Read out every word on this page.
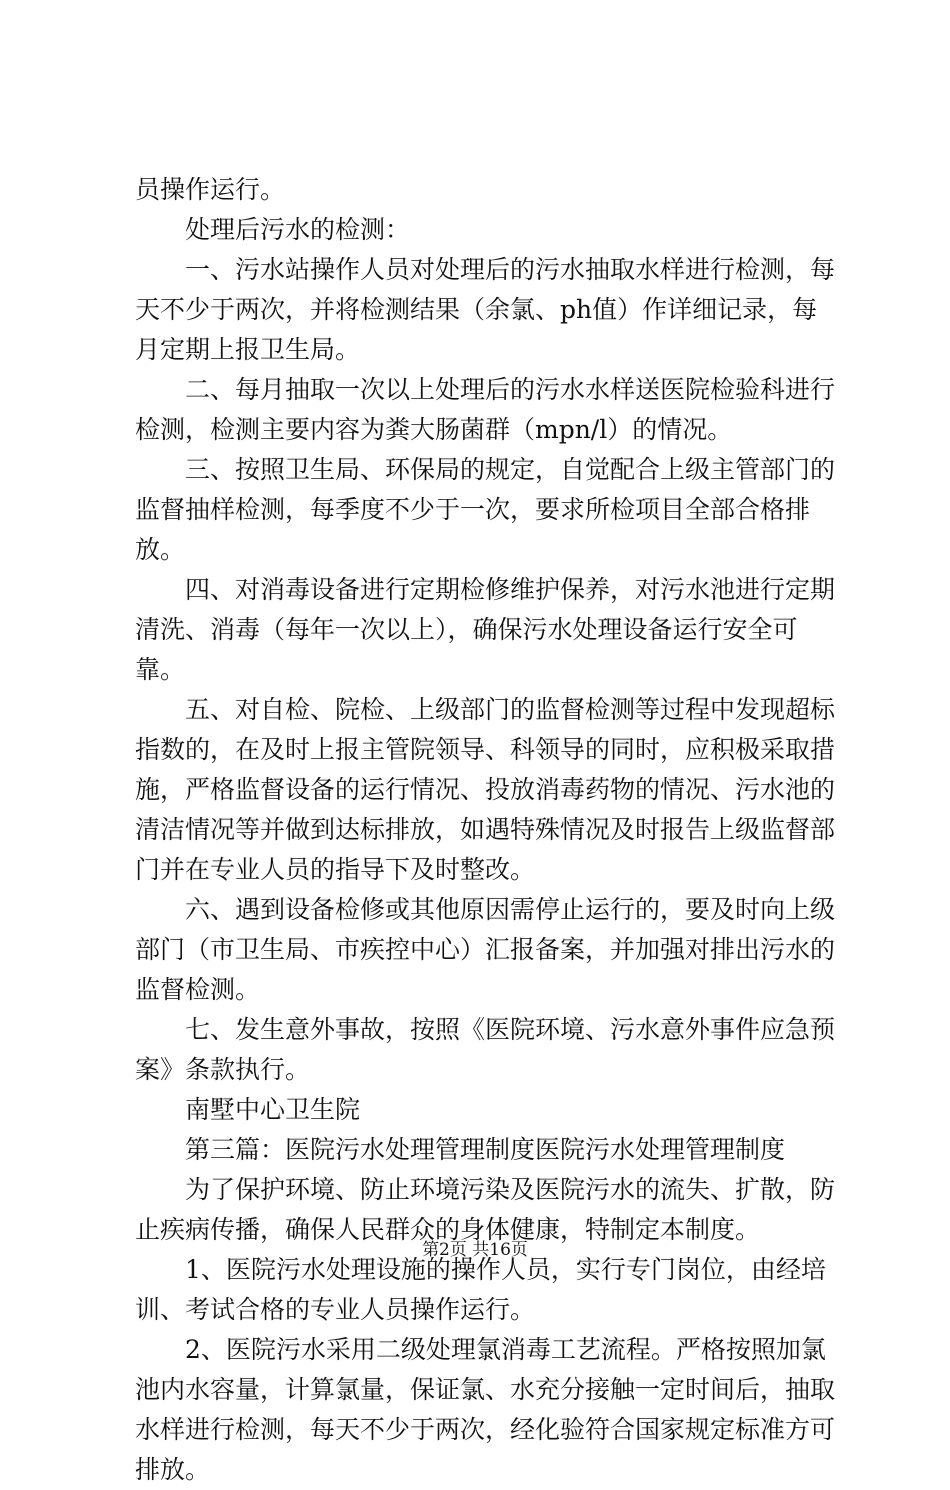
员操作运行。

处理后污水的检测：

一、污水站操作人员对处理后的污水抽取水样进行检测，每天不少于两次，并将检测结果（余氯、ph值）作详细记录，每月定期上报卫生局。

二、每月抽取一次以上处理后的污水水样送医院检验科进行检测，检测主要内容为粪大肠菌群（mpn/l）的情况。

三、按照卫生局、环保局的规定，自觉配合上级主管部门的监督抽样检测，每季度不少于一次，要求所检项目全部合格排放。

四、对消毒设备进行定期检修维护保养，对污水池进行定期清洗、消毒（每年一次以上），确保污水处理设备运行安全可靠。

五、对自检、院检、上级部门的监督检测等过程中发现超标指数的，在及时上报主管院领导、科领导的同时，应积极采取措施，严格监督设备的运行情况、投放消毒药物的情况、污水池的清洁情况等并做到达标排放，如遇特殊情况及时报告上级监督部门并在专业人员的指导下及时整改。

六、遇到设备检修或其他原因需停止运行的，要及时向上级部门（市卫生局、市疾控中心）汇报备案，并加强对排出污水的监督检测。

七、发生意外事故，按照《医院环境、污水意外事件应急预案》条款执行。

南墅中心卫生院

第三篇：医院污水处理管理制度医院污水处理管理制度

为了保护环境、防止环境污染及医院污水的流失、扩散，防止疾病传播，确保人民群众的身体健康，特制定本制度。

1、医院污水处理设施的操作人员，实行专门岗位，由经培训、考试合格的专业人员操作运行。

2、医院污水采用二级处理氯消毒工艺流程。严格按照加氯池内水容量，计算氯量，保证氯、水充分接触一定时间后，抽取水样进行检测，每天不少于两次，经化验符合国家规定标准方可排放。

第2页 共16页
